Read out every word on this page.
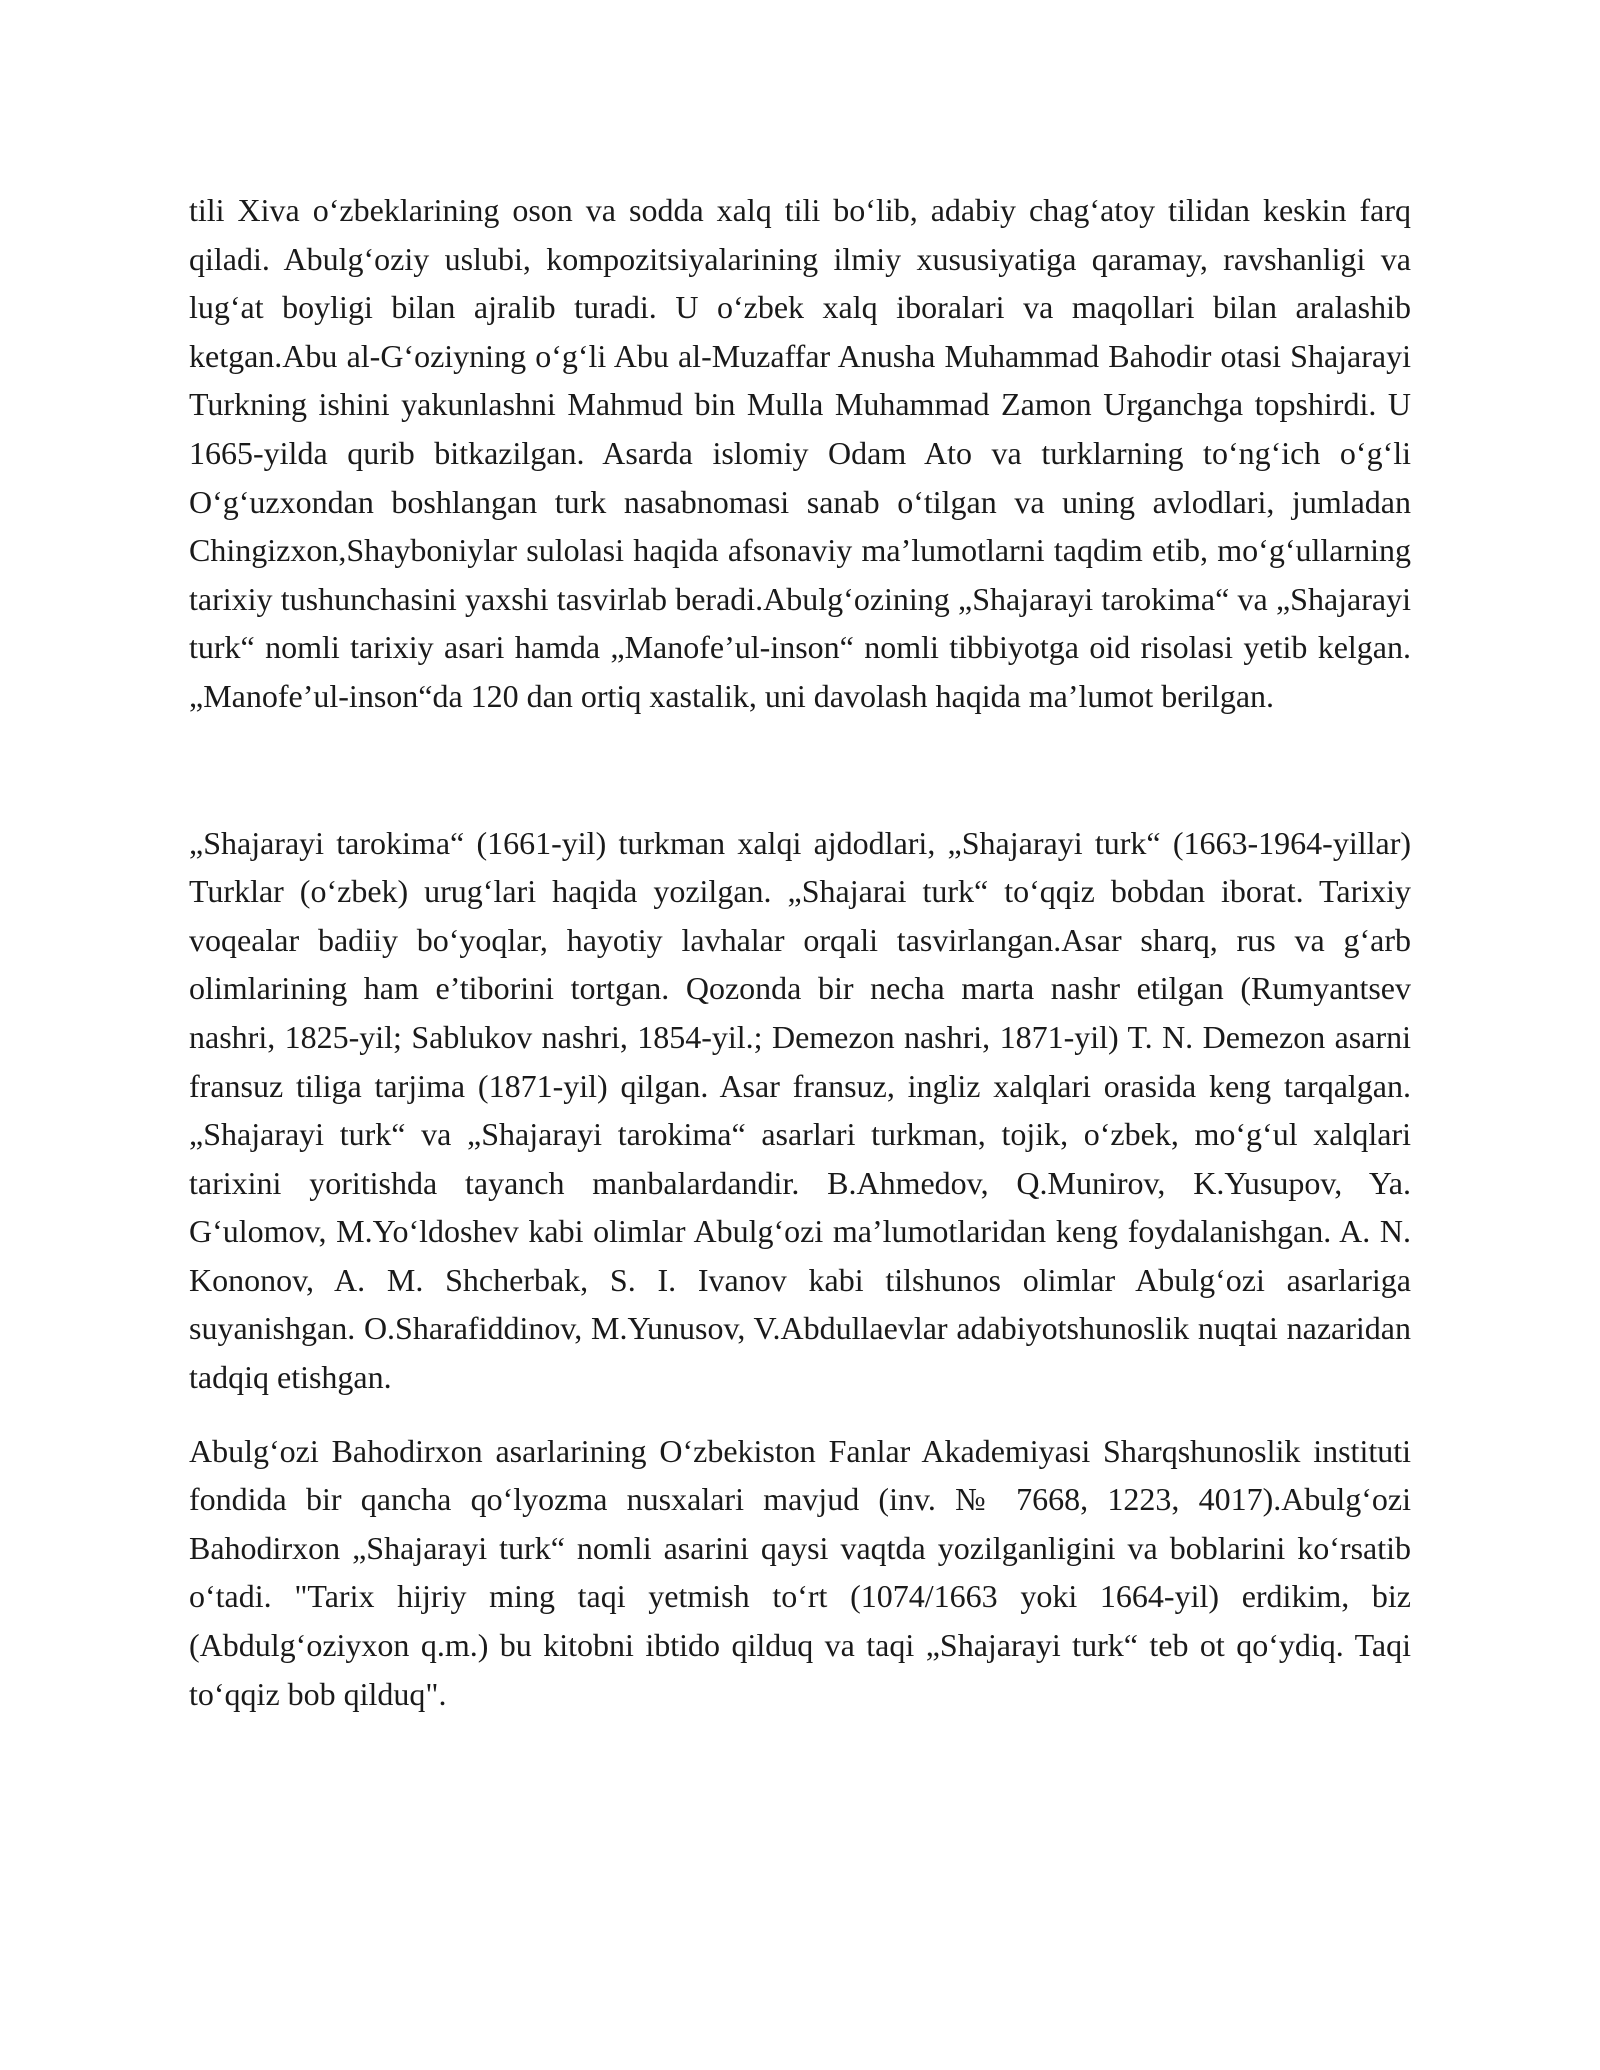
tili Xiva o‘zbeklarining oson va sodda xalq tili bo‘lib, adabiy chag‘atoy tilidan keskin farq qiladi. Abulg‘oziy uslubi, kompozitsiyalarining ilmiy xususiyatiga qaramay, ravshanligi va lug‘at boyligi bilan ajralib turadi. U o‘zbek xalq iboralari va maqollari bilan aralashib ketgan.Abu al-G‘oziyning o‘g‘li Abu al-Muzaffar Anusha Muhammad Bahodir otasi Shajarayi Turkning ishini yakunlashni Mahmud bin Mulla Muhammad Zamon Urganchga topshirdi. U 1665-yilda qurib bitkazilgan. Asarda islomiy Odam Ato va turklarning to‘ng‘ich o‘g‘li O‘g‘uzxondan boshlangan turk nasabnomasi sanab o‘tilgan va uning avlodlari, jumladan Chingizxon,Shayboniylar sulolasi haqida afsonaviy ma’lumotlarni taqdim etib, mo‘g‘ullarning tarixiy tushunchasini yaxshi tasvirlab beradi.Abulg‘ozining „Shajarayi tarokima“ va „Shajarayi turk“ nomli tarixiy asari hamda „Manofe’ul-inson“ nomli tibbiyotga oid risolasi yetib kelgan. „Manofe’ul-inson“da 120 dan ortiq xastalik, uni davolash haqida ma’lumot berilgan.

„Shajarayi tarokima“ (1661-yil) turkman xalqi ajdodlari, „Shajarayi turk“ (1663-1964-yillar) Turklar (o‘zbek) urug‘lari haqida yozilgan. „Shajarai turk“ to‘qqiz bobdan iborat. Tarixiy voqealar badiiy bo‘yoqlar, hayotiy lavhalar orqali tasvirlangan.Asar sharq, rus va g‘arb olimlarining ham e’tiborini tortgan. Qozonda bir necha marta nashr etilgan (Rumyantsev nashri, 1825-yil; Sablukov nashri, 1854-yil.; Demezon nashri, 1871-yil) T. N. Demezon asarni fransuz tiliga tarjima (1871-yil) qilgan. Asar fransuz, ingliz xalqlari orasida keng tarqalgan.„Shajarayi turk“ va „Shajarayi tarokima“ asarlari turkman, tojik, o‘zbek, mo‘g‘ul xalqlari tarixini yoritishda tayanch manbalardandir. B.Ahmedov, Q.Munirov, K.Yusupov, Ya. G‘ulomov, M.Yo‘ldoshev kabi olimlar Abulg‘ozi ma’lumotlaridan keng foydalanishgan. A. N. Kononov, A. M. Shcherbak, S. I. Ivanov kabi tilshunos olimlar Abulg‘ozi asarlariga suyanishgan. O.Sharafiddinov, M.Yunusov, V.Abdullaevlar adabiyotshunoslik nuqtai nazaridan tadqiq etishgan.

Abulg‘ozi Bahodirxon asarlarining O‘zbekiston Fanlar Akademiyasi Sharqshunoslik instituti fondida bir qancha qo‘lyozma nusxalari mavjud (inv. № 7668, 1223, 4017).Abulg‘ozi Bahodirxon „Shajarayi turk“ nomli asarini qaysi vaqtda yozilganligini va boblarini ko‘rsatib o‘tadi. "Tarix hijriy ming taqi yetmish to‘rt (1074/1663 yoki 1664-yil) erdikim, biz (Abdulg‘oziyxon q.m.) bu kitobni ibtido qilduq va taqi „Shajarayi turk“ teb ot qo‘ydiq. Taqi to‘qqiz bob qilduq".
